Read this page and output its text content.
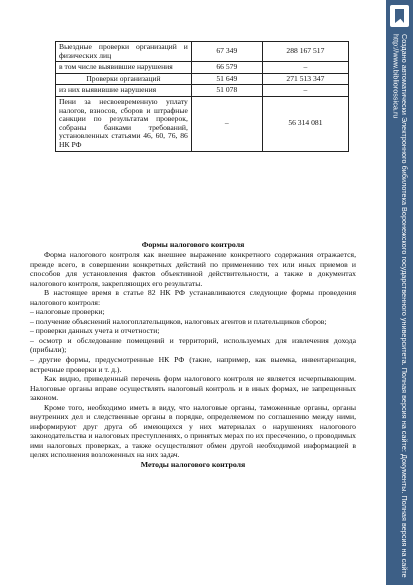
Выездные проверки организаций и физических лиц	67 349	288 167 517
в том числе выявившие нарушения	66 579	–
Проверки организаций	51 649	271 513 347
из них выявившие нарушения	51 078	–
Пени за несвоевременную уплату налогов, взносов, сборов и штрафные санкции по результатам проверок, собраны банками требований, установленных статьями 46, 60, 76, 86 НК РФ	–	56 314 081
Формы налогового контроля

Форма налогового контроля как внешнее выражение конкретного содержания отражается, прежде всего, в совершении конкретных действий по применению тех или иных приемов и способов для установления фактов объективной действительности, а также в документах налогового контроля, закрепляющих его результаты.

В настоящее время в статье 82 НК РФ устанавливаются следующие формы проведения налогового контроля:

– налоговые проверки;

– получение объяснений налогоплательщиков, налоговых агентов и плательщиков сборов;

– проверки данных учета и отчетности;

– осмотр и обследование помещений и территорий, используемых для извлечения дохода (прибыли);

– другие формы, предусмотренные НК РФ (такие, например, как выемка, инвентаризация, встречные проверки и т. д.).

Как видно, приведенный перечень форм налогового контроля не является исчерпывающим. Налоговые органы вправе осуществлять налоговый контроль и в иных формах, не запрещенных законом.

Кроме того, необходимо иметь в виду, что налоговые органы, таможенные органы, органы внутренних дел и следственные органы в порядке, определяемом по соглашению между ними, информируют друг друга об имеющихся у них материалах о нарушениях налогового законодательства и налоговых преступлениях, о принятых мерах по их пресечению, о проводимых ими налоговых проверках, а также осуществляют обмен другой необходимой информацией в целях исполнения возложенных на них задач.

Методы налогового контроля	Создано автоматически Электронного бибилотека Воронежского государственного университета. Полная версия на сайте: Документы. Полная версия на сайте http://www.bibliorossica.ru
